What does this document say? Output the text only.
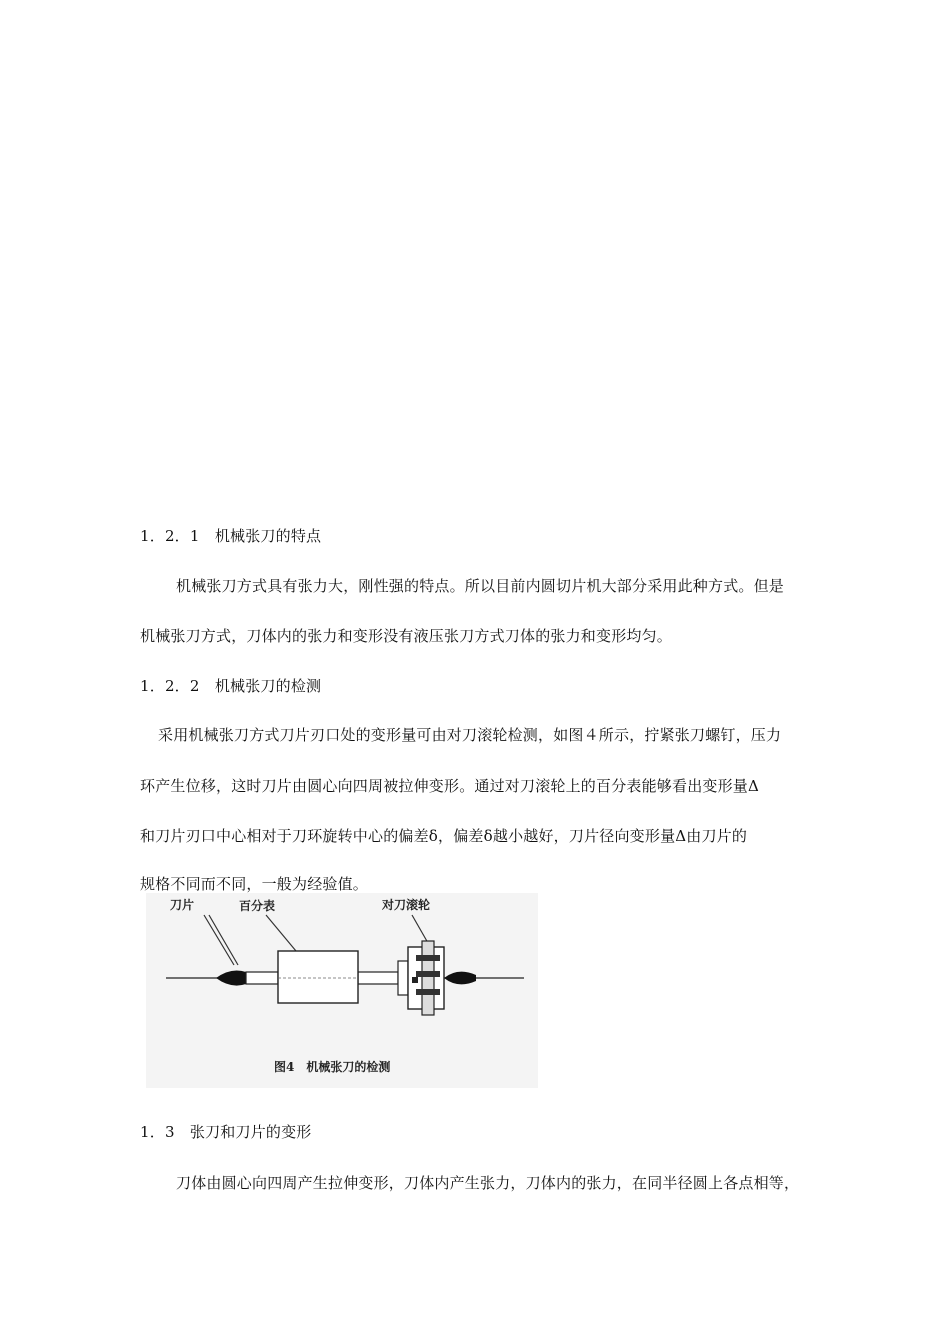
1．2．1　机械张刀的特点
机械张刀方式具有张力大，刚性强的特点。所以目前内圆切片机大部分采用此种方式。但是
机械张刀方式，刀体内的张力和变形没有液压张刀方式刀体的张力和变形均匀。
1．2．2　机械张刀的检测
采用机械张刀方式刀片刃口处的变形量可由对刀滚轮检测，如图４所示，拧紧张刀螺钉，压力
环产生位移，这时刀片由圆心向四周被拉伸变形。通过对刀滚轮上的百分表能够看出变形量Δ
和刀片刃口中心相对于刀环旋转中心的偏差δ，偏差δ越小越好，刀片径向变形量Δ由刀片的
规格不同而不同，一般为经验值。
刀片	百分表	对刀滚轮
图4　机械张刀的检测
1．3　张刀和刀片的变形
刀体由圆心向四周产生拉伸变形，刀体内产生张力，刀体内的张力，在同半径圆上各点相等，
